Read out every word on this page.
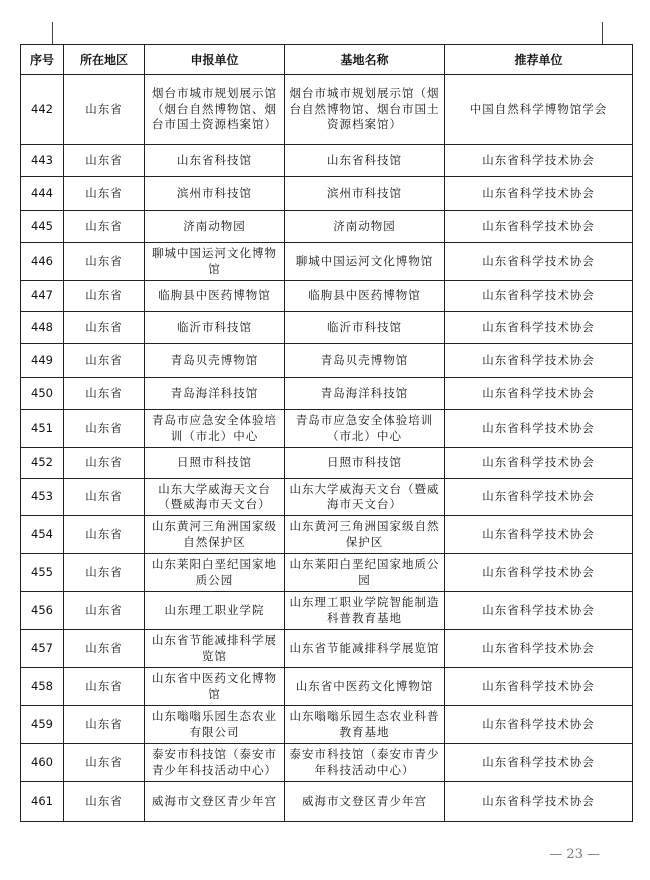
序号	所在地区	申报单位	基地名称	推荐单位
442	山东省	烟台市城市规划展示馆（烟台自然博物馆、烟台市国土资源档案馆）	烟台市城市规划展示馆（烟台自然博物馆、烟台市国土资源档案馆）	中国自然科学博物馆学会
443	山东省	山东省科技馆	山东省科技馆	山东省科学技术协会
444	山东省	滨州市科技馆	滨州市科技馆	山东省科学技术协会
445	山东省	济南动物园	济南动物园	山东省科学技术协会
446	山东省	聊城中国运河文化博物馆	聊城中国运河文化博物馆	山东省科学技术协会
447	山东省	临朐县中医药博物馆	临朐县中医药博物馆	山东省科学技术协会
448	山东省	临沂市科技馆	临沂市科技馆	山东省科学技术协会
449	山东省	青岛贝壳博物馆	青岛贝壳博物馆	山东省科学技术协会
450	山东省	青岛海洋科技馆	青岛海洋科技馆	山东省科学技术协会
451	山东省	青岛市应急安全体验培训（市北）中心	青岛市应急安全体验培训（市北）中心	山东省科学技术协会
452	山东省	日照市科技馆	日照市科技馆	山东省科学技术协会
453	山东省	山东大学威海天文台（暨威海市天文台）	山东大学威海天文台（暨威海市天文台）	山东省科学技术协会
454	山东省	山东黄河三角洲国家级自然保护区	山东黄河三角洲国家级自然保护区	山东省科学技术协会
455	山东省	山东莱阳白垩纪国家地质公园	山东莱阳白垩纪国家地质公园	山东省科学技术协会
456	山东省	山东理工职业学院	山东理工职业学院智能制造科普教育基地	山东省科学技术协会
457	山东省	山东省节能减排科学展览馆	山东省节能减排科学展览馆	山东省科学技术协会
458	山东省	山东省中医药文化博物馆	山东省中医药文化博物馆	山东省科学技术协会
459	山东省	山东嗡嗡乐园生态农业有限公司	山东嗡嗡乐园生态农业科普教育基地	山东省科学技术协会
460	山东省	泰安市科技馆（泰安市青少年科技活动中心）	泰安市科技馆（泰安市青少年科技活动中心）	山东省科学技术协会
461	山东省	威海市文登区青少年宫	威海市文登区青少年宫	山东省科学技术协会
— 23 —
